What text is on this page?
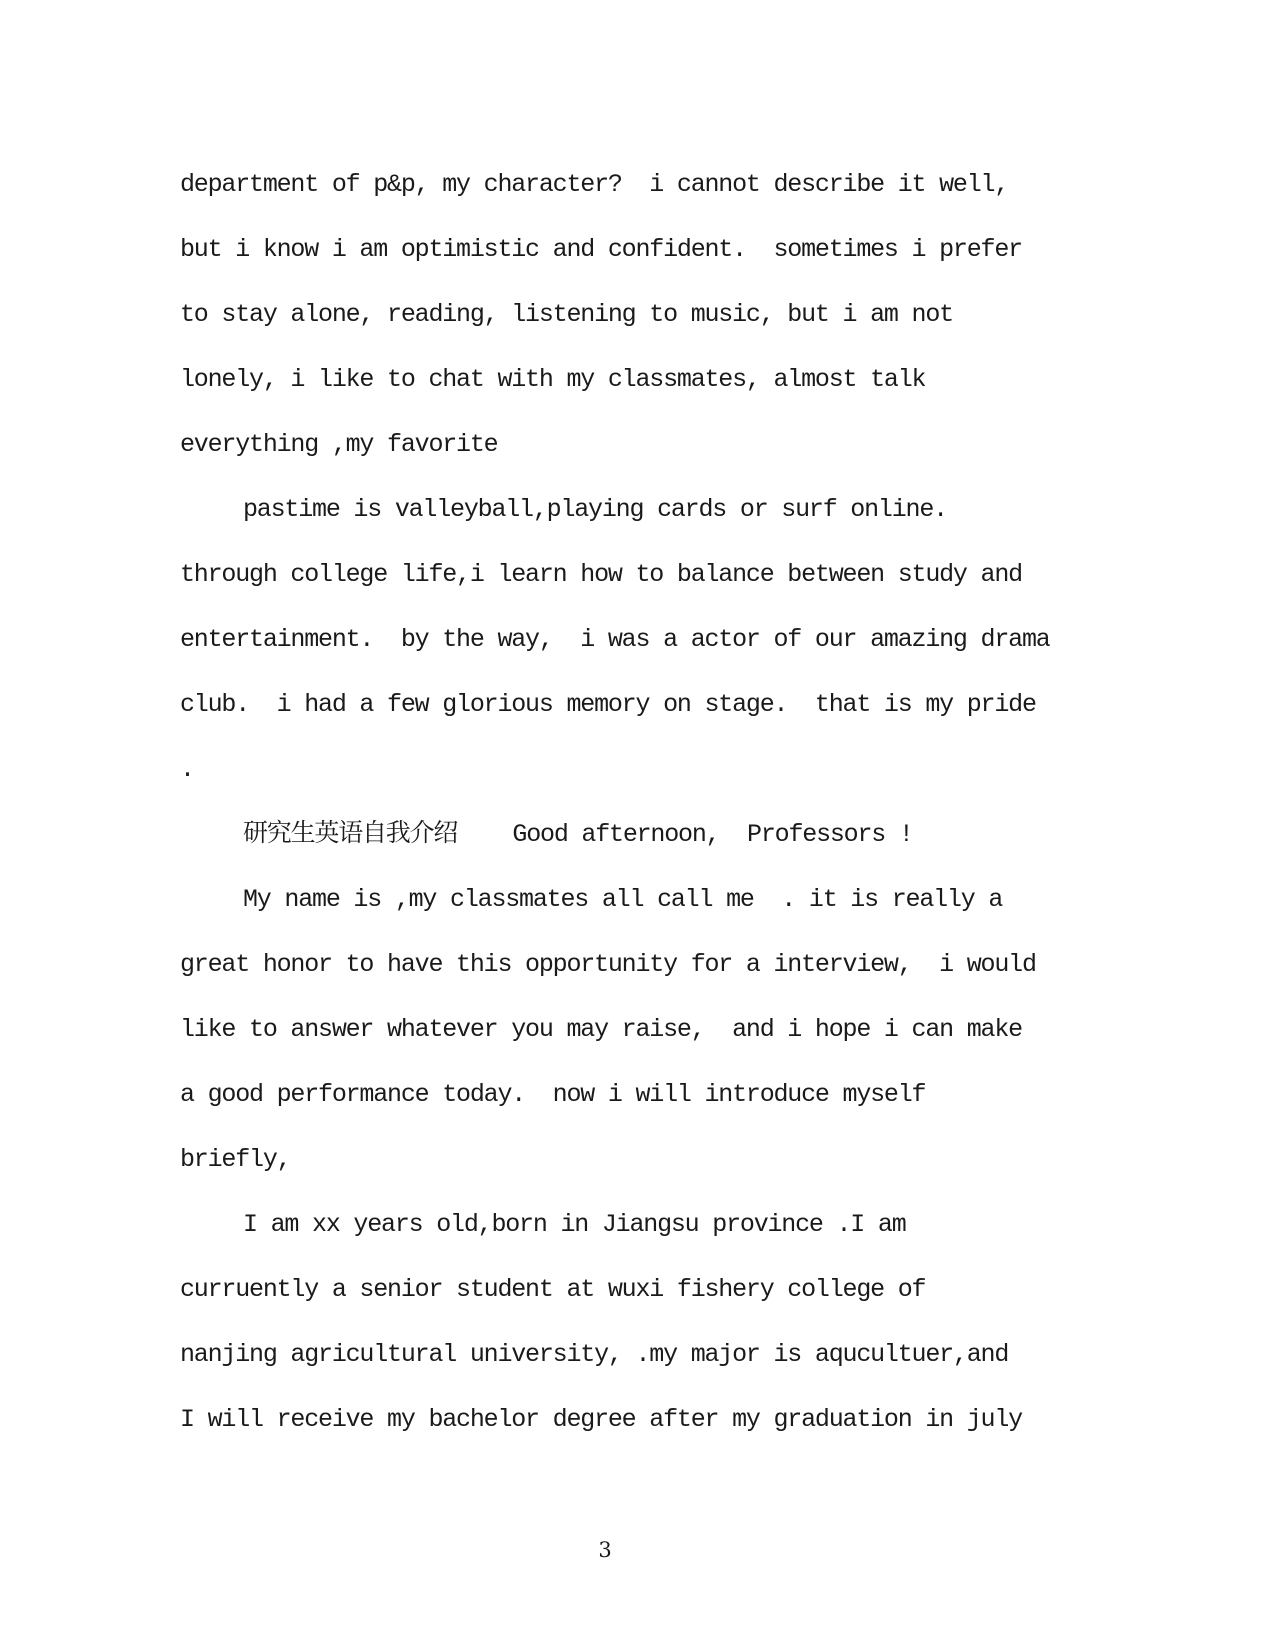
department of p&p, my character?  i cannot describe it well,
but i know i am optimistic and confident.  sometimes i prefer
to stay alone, reading, listening to music, but i am not
lonely, i like to chat with my classmates, almost talk
everything ,my favorite
pastime is valleyball,playing cards or surf online.
through college life,i learn how to balance between study and
entertainment.  by the way,  i was a actor of our amazing drama
club.  i had a few glorious memory on stage.  that is my pride
.
研究生英语自我介绍    Good afternoon,  Professors !
My name is ,my classmates all call me  . it is really a
great honor to have this opportunity for a interview,  i would
like to answer whatever you may raise,  and i hope i can make
a good performance today.  now i will introduce myself
briefly,
I am xx years old,born in Jiangsu province .I am
curruently a senior student at wuxi fishery college of
nanjing agricultural university, .my major is aqucultuer,and
I will receive my bachelor degree after my graduation in july
3
